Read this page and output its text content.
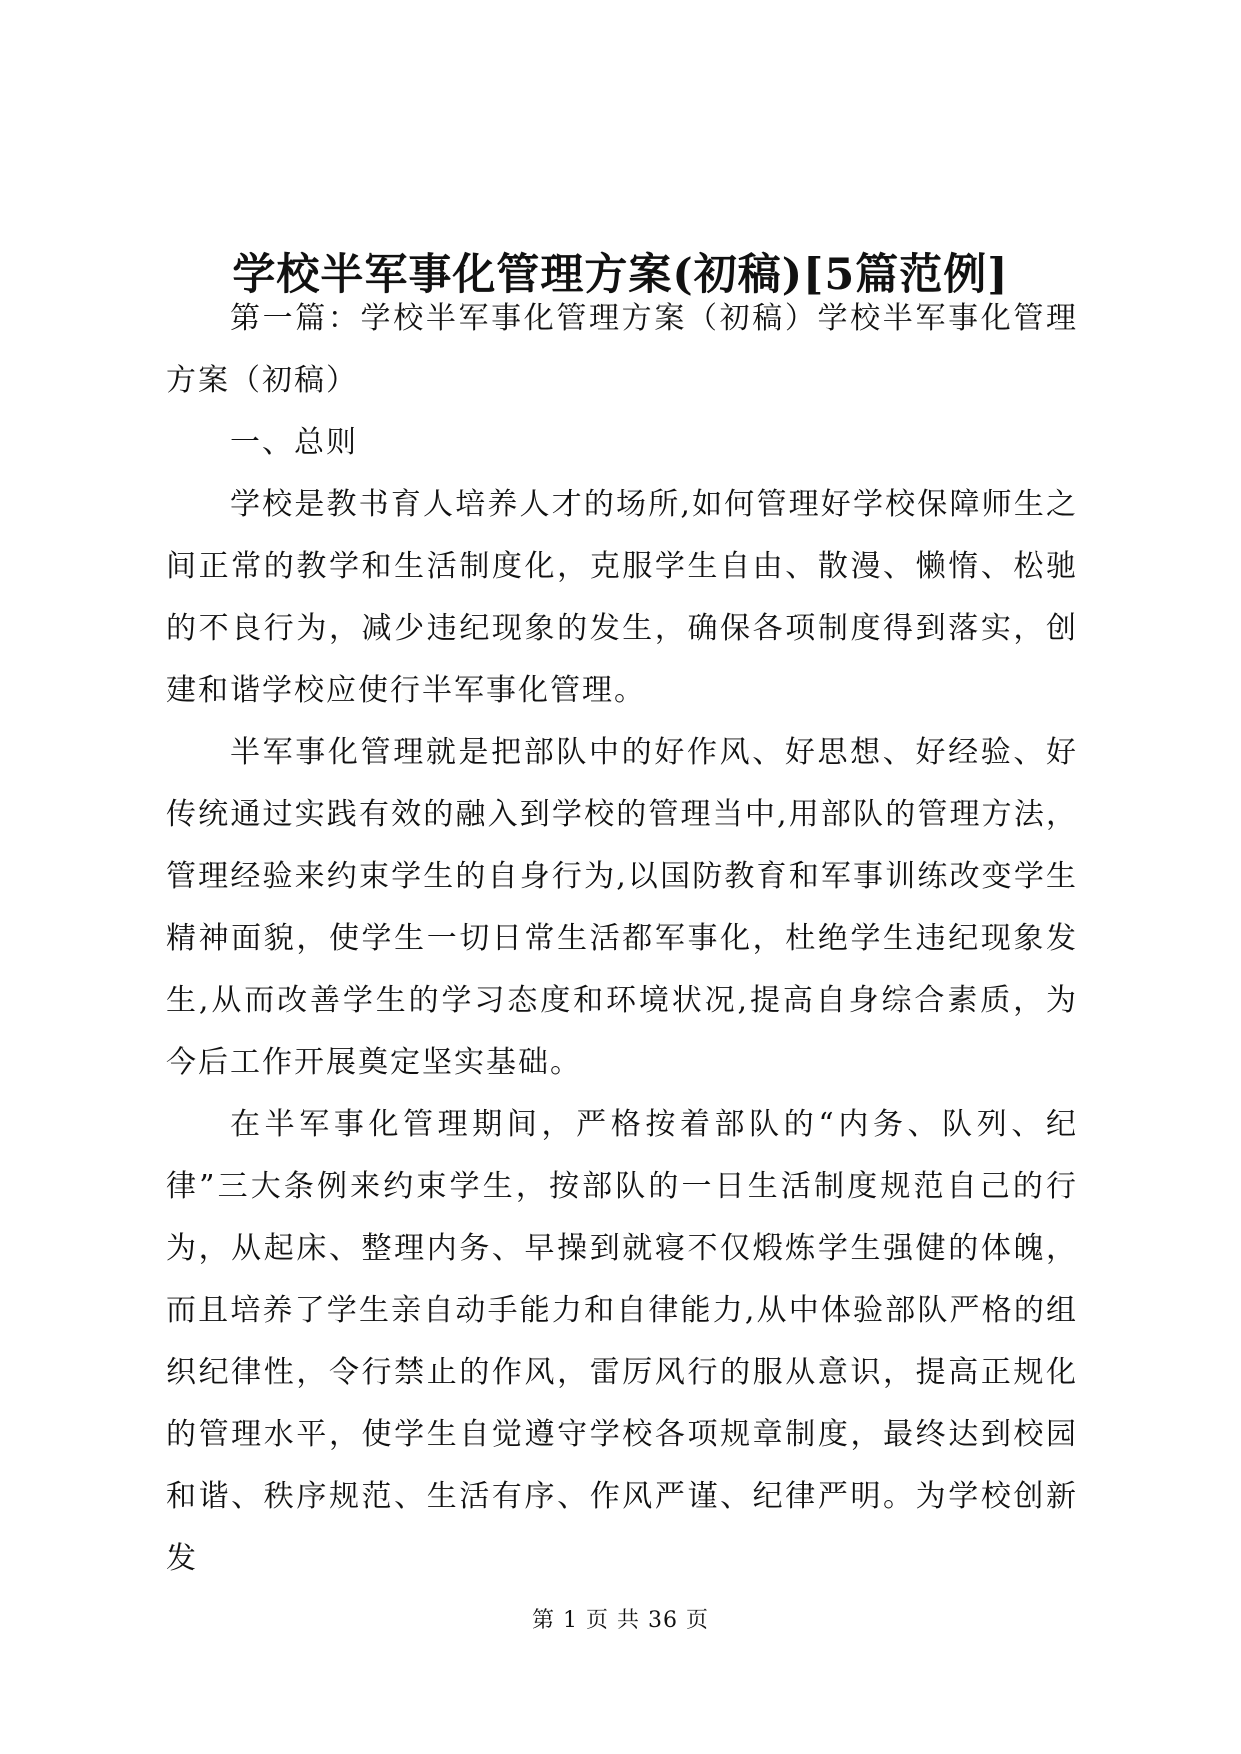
学校半军事化管理方案(初稿)[5篇范例]

第一篇：学校半军事化管理方案（初稿）学校半军事化管理方案（初稿）

一、总则

学校是教书育人培养人才的场所,如何管理好学校保障师生之间正常的教学和生活制度化，克服学生自由、散漫、懒惰、松驰的不良行为，减少违纪现象的发生，确保各项制度得到落实，创建和谐学校应使行半军事化管理。

半军事化管理就是把部队中的好作风、好思想、好经验、好传统通过实践有效的融入到学校的管理当中,用部队的管理方法，管理经验来约束学生的自身行为,以国防教育和军事训练改变学生精神面貌，使学生一切日常生活都军事化，杜绝学生违纪现象发生,从而改善学生的学习态度和环境状况,提高自身综合素质，为今后工作开展奠定坚实基础。

在半军事化管理期间，严格按着部队的“内务、队列、纪律”三大条例来约束学生，按部队的一日生活制度规范自己的行为，从起床、整理内务、早操到就寝不仅煅炼学生强健的体魄，而且培养了学生亲自动手能力和自律能力,从中体验部队严格的组织纪律性，令行禁止的作风，雷厉风行的服从意识，提高正规化的管理水平，使学生自觉遵守学校各项规章制度，最终达到校园和谐、秩序规范、生活有序、作风严谨、纪律严明。为学校创新发

第 1 页 共 36 页
